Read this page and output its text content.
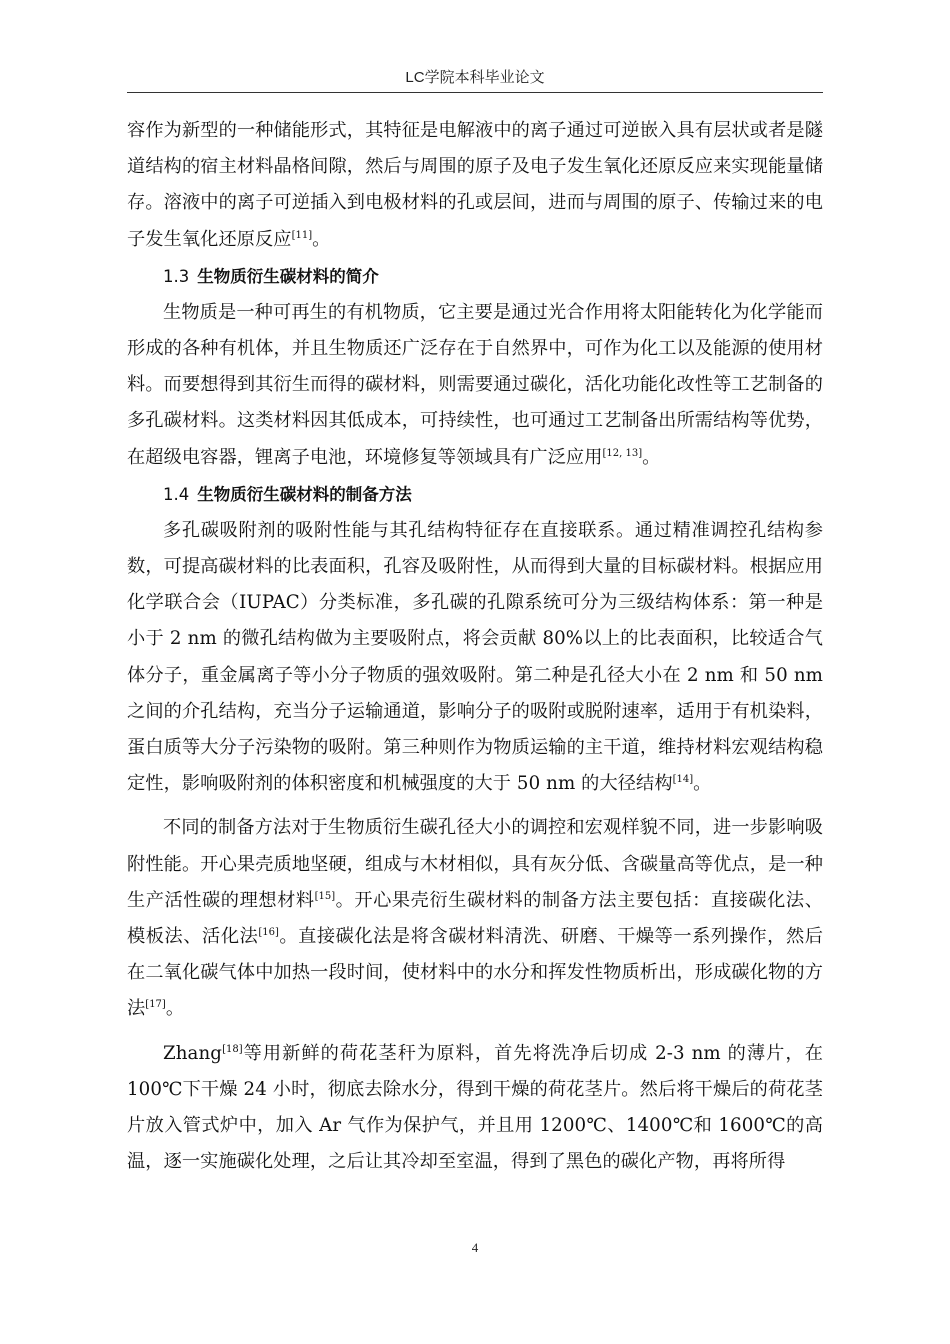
LC学院本科毕业论文

容作为新型的一种储能形式，其特征是电解液中的离子通过可逆嵌入具有层状或者是隧道结构的宿主材料晶格间隙，然后与周围的原子及电子发生氧化还原反应来实现能量储存。溶液中的离子可逆插入到电极材料的孔或层间，进而与周围的原子、传输过来的电子发生氧化还原反应[11]。

1.3 生物质衍生碳材料的简介

生物质是一种可再生的有机物质，它主要是通过光合作用将太阳能转化为化学能而形成的各种有机体，并且生物质还广泛存在于自然界中，可作为化工以及能源的使用材料。而要想得到其衍生而得的碳材料，则需要通过碳化，活化功能化改性等工艺制备的多孔碳材料。这类材料因其低成本，可持续性，也可通过工艺制备出所需结构等优势，在超级电容器，锂离子电池，环境修复等领域具有广泛应用[12, 13]。

1.4 生物质衍生碳材料的制备方法

多孔碳吸附剂的吸附性能与其孔结构特征存在直接联系。通过精准调控孔结构参数，可提高碳材料的比表面积，孔容及吸附性，从而得到大量的目标碳材料。根据应用化学联合会（IUPAC）分类标准，多孔碳的孔隙系统可分为三级结构体系：第一种是小于 2 nm 的微孔结构做为主要吸附点，将会贡献 80%以上的比表面积，比较适合气体分子，重金属离子等小分子物质的强效吸附。第二种是孔径大小在 2 nm 和 50 nm 之间的介孔结构，充当分子运输通道，影响分子的吸附或脱附速率，适用于有机染料，蛋白质等大分子污染物的吸附。第三种则作为物质运输的主干道，维持材料宏观结构稳定性，影响吸附剂的体积密度和机械强度的大于 50 nm 的大径结构[14]。

不同的制备方法对于生物质衍生碳孔径大小的调控和宏观样貌不同，进一步影响吸附性能。开心果壳质地坚硬，组成与木材相似，具有灰分低、含碳量高等优点，是一种生产活性碳的理想材料[15]。开心果壳衍生碳材料的制备方法主要包括：直接碳化法、模板法、活化法[16]。直接碳化法是将含碳材料清洗、研磨、干燥等一系列操作，然后在二氧化碳气体中加热一段时间，使材料中的水分和挥发性物质析出，形成碳化物的方法[17]。

Zhang[18]等用新鲜的荷花茎秆为原料，首先将洗净后切成 2-3 nm 的薄片，在 100℃下干燥 24 小时，彻底去除水分，得到干燥的荷花茎片。然后将干燥后的荷花茎片放入管式炉中，加入 Ar 气作为保护气，并且用 1200℃、1400℃和 1600℃的高温，逐一实施碳化处理，之后让其冷却至室温，得到了黑色的碳化产物，再将所得

4
